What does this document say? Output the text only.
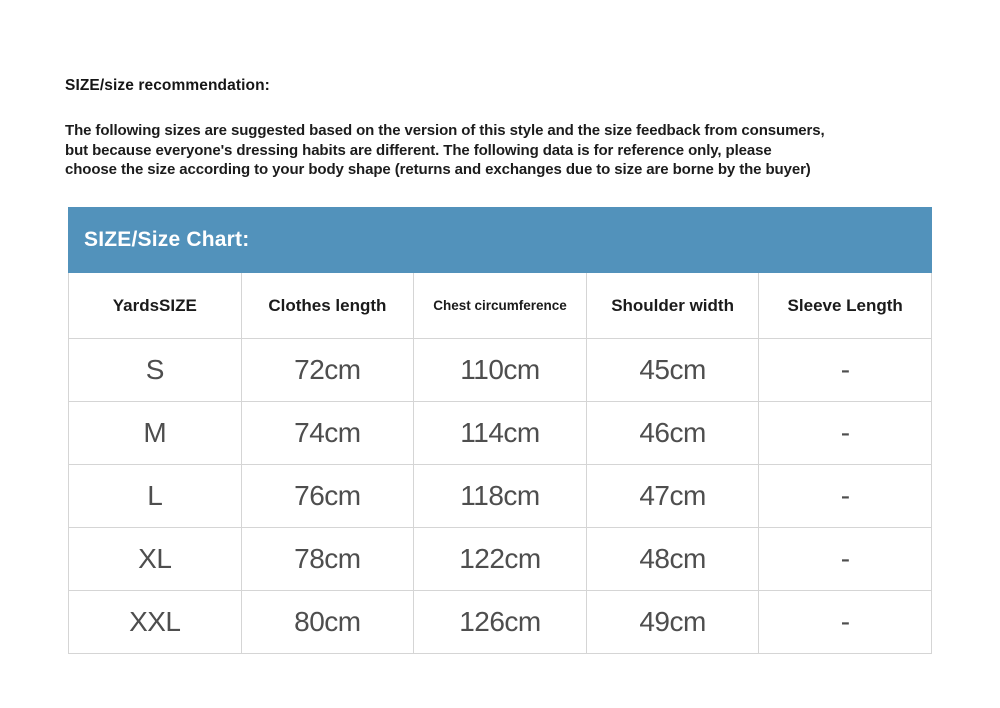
SIZE/size recommendation:
The following sizes are suggested based on the version of this style and the size feedback from consumers,
but because everyone's dressing habits are different. The following data is for reference only, please
choose the size according to your body shape (returns and exchanges due to size are borne by the buyer)
SIZE/Size Chart:
YardsSIZE	Clothes length	Chest circumference	Shoulder width	Sleeve Length
S	72cm	110cm	45cm	-
M	74cm	114cm	46cm	-
L	76cm	118cm	47cm	-
XL	78cm	122cm	48cm	-
XXL	80cm	126cm	49cm	-
